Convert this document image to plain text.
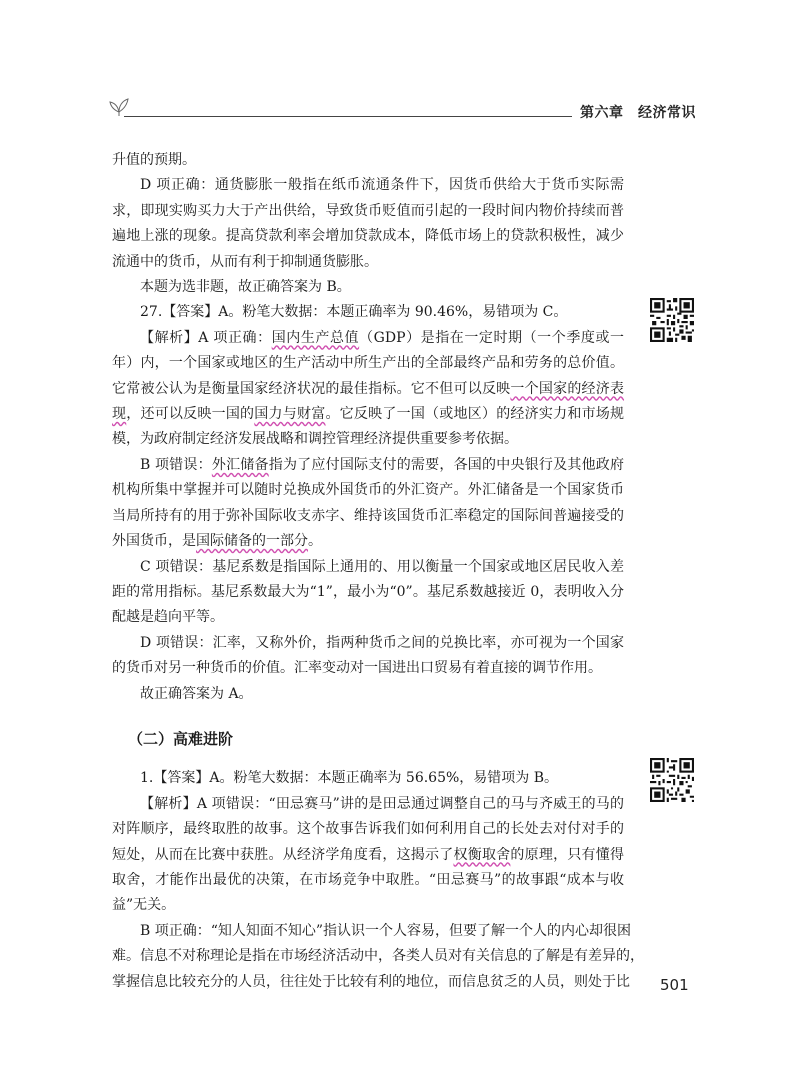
第六章　经济常识

升值的预期。

D 项正确：通货膨胀一般指在纸币流通条件下，因货币供给大于货币实际需求，即现实购买力大于产出供给，导致货币贬值而引起的一段时间内物价持续而普遍地上涨的现象。提高贷款利率会增加贷款成本，降低市场上的贷款积极性，减少流通中的货币，从而有利于抑制通货膨胀。

本题为选非题，故正确答案为 B。

27.【答案】A。粉笔大数据：本题正确率为 90.46%，易错项为 C。

【解析】A 项正确：国内生产总值（GDP）是指在一定时期（一个季度或一年）内，一个国家或地区的生产活动中所生产出的全部最终产品和劳务的总价值。它常被公认为是衡量国家经济状况的最佳指标。它不但可以反映一个国家的经济表现，还可以反映一国的国力与财富。它反映了一国（或地区）的经济实力和市场规模，为政府制定经济发展战略和调控管理经济提供重要参考依据。

B 项错误：外汇储备指为了应付国际支付的需要，各国的中央银行及其他政府机构所集中掌握并可以随时兑换成外国货币的外汇资产。外汇储备是一个国家货币当局所持有的用于弥补国际收支赤字、维持该国货币汇率稳定的国际间普遍接受的外国货币，是国际储备的一部分。

C 项错误：基尼系数是指国际上通用的、用以衡量一个国家或地区居民收入差距的常用指标。基尼系数最大为“1”，最小为“0”。基尼系数越接近 0，表明收入分配越是趋向平等。

D 项错误：汇率，又称外价，指两种货币之间的兑换比率，亦可视为一个国家的货币对另一种货币的价值。汇率变动对一国进出口贸易有着直接的调节作用。

故正确答案为 A。

（二）高难进阶

1.【答案】A。粉笔大数据：本题正确率为 56.65%，易错项为 B。

【解析】A 项错误：“田忌赛马”讲的是田忌通过调整自己的马与齐威王的马的对阵顺序，最终取胜的故事。这个故事告诉我们如何利用自己的长处去对付对手的短处，从而在比赛中获胜。从经济学角度看，这揭示了权衡取舍的原理，只有懂得取舍，才能作出最优的决策，在市场竞争中取胜。“田忌赛马”的故事跟“成本与收益”无关。

B 项正确：“知人知面不知心”指认识一个人容易，但要了解一个人的内心却很困
难。信息不对称理论是指在市场经济活动中，各类人员对有关信息的了解是有差异的，
掌握信息比较充分的人员，往往处于比较有利的地位，而信息贫乏的人员，则处于比 501
